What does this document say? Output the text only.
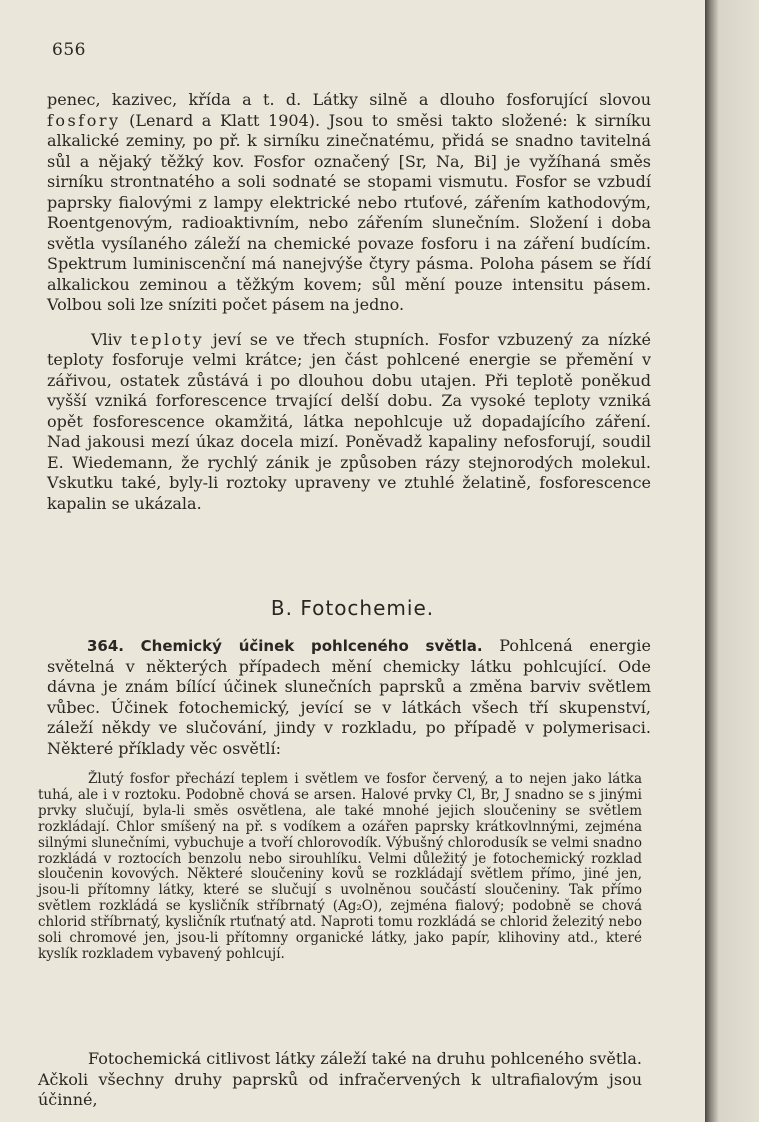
656

penec, kazivec, křída a t. d. Látky silně a dlouho fosforující slovou fosfory (Lenard a Klatt 1904). Jsou to směsi takto složené: k sirníku alkalické zeminy, po př. k sirníku zinečnatému, přidá se snadno tavitelná sůl a nějaký těžký kov. Fosfor označený [Sr, Na, Bi] je vyžíhaná směs sirníku strontnatého a soli sodnaté se stopami vismutu. Fosfor se vzbudí paprsky fialovými z lampy elektrické nebo rtuťové, zářením kathodovým, Roentgenovým, radioaktivním, nebo zářením slunečním. Složení i doba světla vysílaného záleží na chemické povaze fosforu i na záření budícím. Spektrum luminiscenční má nanejvýše čtyry pásma. Poloha pásem se řídí alkalickou zeminou a těžkým kovem; sůl mění pouze intensitu pásem. Volbou soli lze sníziti počet pásem na jedno.

Vliv teploty jeví se ve třech stupních. Fosfor vzbuzený za nízké teploty fosforuje velmi krátce; jen část pohlcené energie se přemění v zářivou, ostatek zůstává i po dlouhou dobu utajen. Při teplotě poněkud vyšší vzniká forforescence trvající delší dobu. Za vysoké teploty vzniká opět fosforescence okamžitá, látka nepohlcuje už dopadajícího záření. Nad jakousi mezí úkaz docela mizí. Poněvadž kapaliny nefosforují, soudil E. Wiedemann, že rychlý zánik je způsoben rázy stejnorodých molekul. Vskutku také, byly-li roztoky upraveny ve ztuhlé želatině, fosforescence kapalin se ukázala.

B. Fotochemie.

364. Chemický účinek pohlceného světla. Pohlcená energie světelná v některých případech mění chemicky látku pohlcující. Ode dávna je znám bílící účinek slunečních paprsků a změna barviv světlem vůbec. Účinek fotochemický, jevící se v látkách všech tří skupenství, záleží někdy ve slučování, jindy v rozkladu, po případě v polymerisaci. Některé příklady věc osvětlí:

Žlutý fosfor přechází teplem i světlem ve fosfor červený, a to nejen jako látka tuhá, ale i v roztoku. Podobně chová se arsen. Halové prvky Cl, Br, J snadno se s jinými prvky slučují, byla-li směs osvětlena, ale také mnohé jejich sloučeniny se světlem rozkládají. Chlor smíšený na př. s vodíkem a ozářen paprsky krátkovlnnými, zejména silnými slunečními, vybuchuje a tvoří chlorovodík. Výbušný chlorodusík se velmi snadno rozkládá v roztocích benzolu nebo sirouhlíku. Velmi důležitý je fotochemický rozklad sloučenin kovových. Některé sloučeniny kovů se rozkládají světlem přímo, jiné jen, jsou-li přítomny látky, které se slučují s uvolněnou součástí sloučeniny. Tak přímo světlem rozkládá se kysličník stříbrnatý (Ag₂O), zejména fialový; podobně se chová chlorid stříbrnatý, kysličník rtuťnatý atd. Naproti tomu rozkládá se chlorid železitý nebo soli chromové jen, jsou-li přítomny organické látky, jako papír, klihoviny atd., které kyslík rozkladem vybavený pohlcují.

Fotochemická citlivost látky záleží také na druhu pohlceného světla. Ačkoli všechny druhy paprsků od infračervených k ultrafialovým jsou účinné,
